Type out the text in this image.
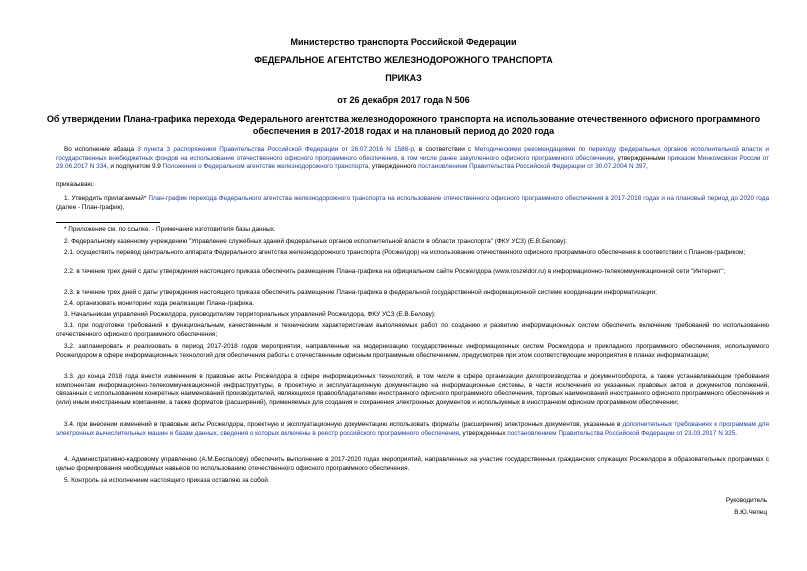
Министерство транспорта Российской Федерации
ФЕДЕРАЛЬНОЕ АГЕНТСТВО ЖЕЛЕЗНОДОРОЖНОГО ТРАНСПОРТА
ПРИКАЗ
от 26 декабря 2017 года N 506
Об утверждении Плана-графика перехода Федерального агентства железнодорожного транспорта на использование отечественного офисного программного обеспечения в 2017-2018 годах и на плановый период до 2020 года
Во исполнение абзаца 3 пункта 3 распоряжения Правительства Российской Федерации от 26.07.2016 N 1588-р, в соответствии с Методическими рекомендациями по переходу федеральных органов исполнительной власти и государственных внебюджетных фондов на использование отечественного офисного программного обеспечения, в том числе ранее закупленного офисного программного обеспечения, утвержденными приказом Минкомсвязи России от 29.06.2017 N 334, и подпунктом 9.9 Положения о Федеральном агентстве железнодорожного транспорта, утвержденного постановлением Правительства Российской Федерации от 30.07.2004 N 397,
приказываю:
1. Утвердить прилагаемый* План-график перехода Федерального агентства железнодорожного транспорта на использование отечественного офисного программного обеспечения в 2017-2018 годах и на плановый период до 2020 года (далее - План-график).
* Приложение см. по ссылке. - Примечание изготовителя базы данных.
2. Федеральному казенному учреждению "Управление служебных зданий федеральных органов исполнительной власти в области транспорта" (ФКУ УСЗ) (Е.В.Белову):
2.1. осуществить перевод центрального аппарата Федерального агентства железнодорожного транспорта (Росжелдор) на использование отечественного офисного программного обеспечения в соответствии с Планом-графиком;
2.2. в течение трех дней с даты утверждения настоящего приказа обеспечить размещение Плана-графика на официальном сайте Росжелдора (www.roszeldor.ru) в информационно-телекоммуникационной сети "Интернет";
2.3. в течение трех дней с даты утверждения настоящего приказа обеспечить размещение Плана-графика в федеральной государственной информационной системе координации информатизации;
2.4. организовать мониторинг хода реализации Плана-графика.
3. Начальникам управлений Росжелдора, руководителям территориальных управлений Росжелдора, ФКУ УСЗ (Е.В.Белову):
3.1. при подготовке требований к функциональным, качественным и техническим характеристикам выполняемых работ по созданию и развитию информационных систем обеспечить включение требований по использованию отечественного офисного программного обеспечения;
3.2. запланировать и реализовать в период 2017-2018 годов мероприятия, направленные на модернизацию государственных информационных систем Росжелдора и прикладного программного обеспечения, используемого Росжелдором в сфере информационных технологий для обеспечения работы с отечественным офисным программным обеспечением, предусмотрев при этом соответствующие мероприятия в планах информатизации;
3.3. до конца 2018 года внести изменения в правовые акты Росжелдора в сфере информационных технологий, в том числе в сфере организации делопроизводства и документооборота, а также устанавливающие требования компонентам информационно-телекоммуникационной инфраструктуры, в проектную и эксплуатационную документацию на информационные системы, в части исключения из указанных правовых актов и документов положений, связанных с использованием конкретных наименований производителей, являющихся правообладателями иностранного офисного программного обеспечения, торговых наименований иностранного офисного программного обеспечения и (или) иным иностранным компаниям, а также форматов (расширений), применяемых для создания и сохранения электронных документов и используемых в иностранном офисном программном обеспечении;
3.4. при внесении изменений в правовые акты Росжелдора, проектную и эксплуатационную документацию использовать форматы (расширения) электронных документов, указанные в дополнительных требованиях к программам для электронных вычислительных машин и базам данных, сведения о которых включены в реестр российского программного обеспечения, утвержденных постановлением Правительства Российской Федерации от 23.03.2017 N 325.
4. Административно-кадровому управлению (А.М.Беспалову) обеспечить выполнение в 2017-2020 годах мероприятий, направленных на участие государственных гражданских служащих Росжелдора в образовательных программах с целью формирования необходимых навыков по использованию отечественного офисного программного обеспечения.
5. Контроль за исполнением настоящего приказа оставляю за собой.
Руководитель
В.Ю.Чепец
